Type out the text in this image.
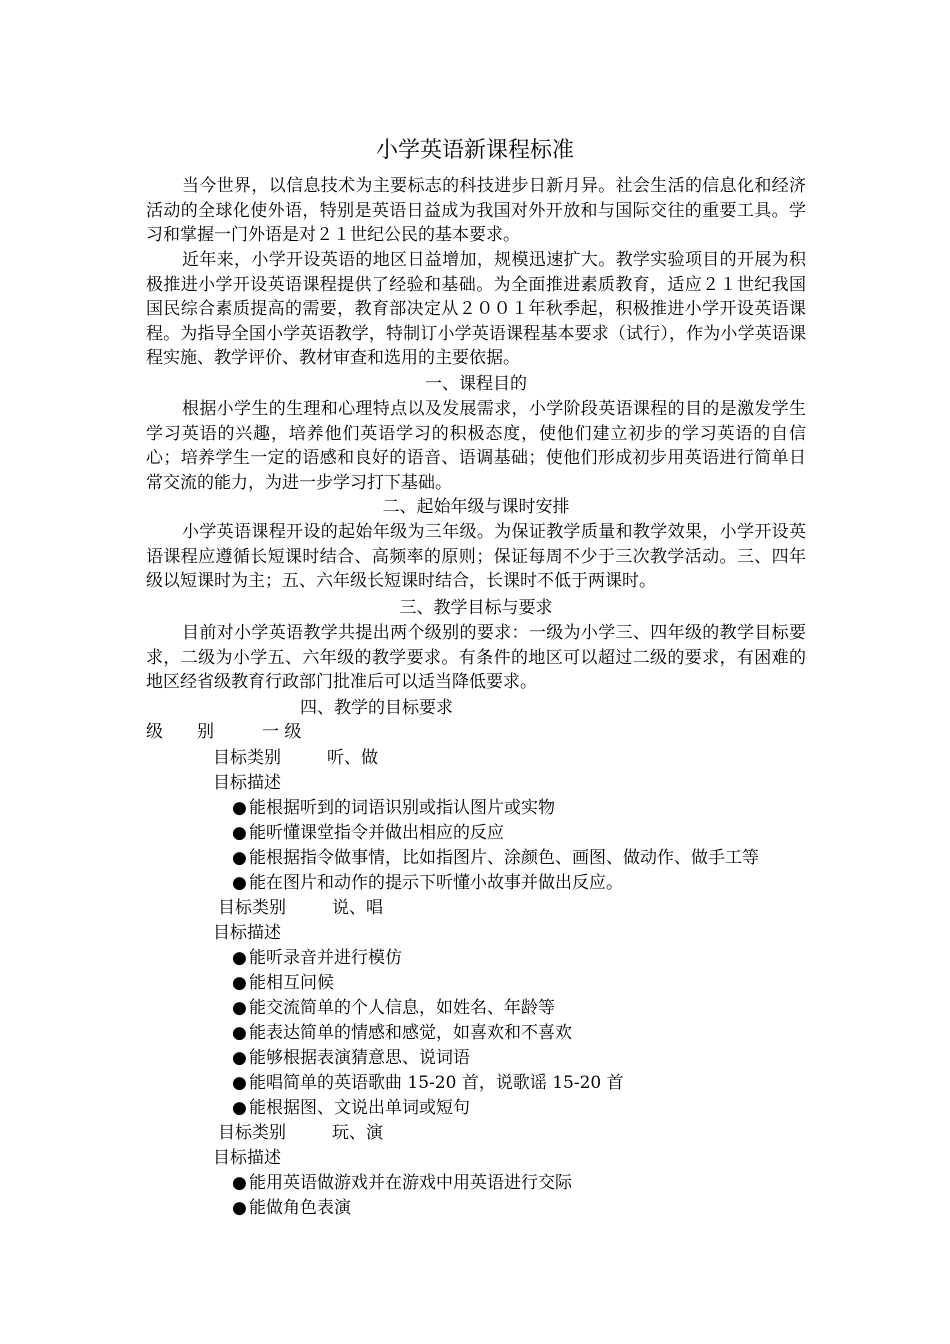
小学英语新课程标准

当今世界，以信息技术为主要标志的科技进步日新月异。社会生活的信息化和经济活动的全球化使外语，特别是英语日益成为我国对外开放和与国际交往的重要工具。学习和掌握一门外语是对２１世纪公民的基本要求。

近年来，小学开设英语的地区日益增加，规模迅速扩大。教学实验项目的开展为积极推进小学开设英语课程提供了经验和基础。为全面推进素质教育，适应２１世纪我国国民综合素质提高的需要，教育部决定从２００１年秋季起，积极推进小学开设英语课程。为指导全国小学英语教学，特制订小学英语课程基本要求（试行），作为小学英语课程实施、教学评价、教材审查和选用的主要依据。

一、课程目的

根据小学生的生理和心理特点以及发展需求，小学阶段英语课程的目的是激发学生学习英语的兴趣，培养他们英语学习的积极态度，使他们建立初步的学习英语的自信心；培养学生一定的语感和良好的语音、语调基础；使他们形成初步用英语进行简单日常交流的能力，为进一步学习打下基础。

二、起始年级与课时安排

小学英语课程开设的起始年级为三年级。为保证教学质量和教学效果，小学开设英语课程应遵循长短课时结合、高频率的原则；保证每周不少于三次教学活动。三、四年级以短课时为主；五、六年级长短课时结合，长课时不低于两课时。

三、教学目标与要求

目前对小学英语教学共提出两个级别的要求：一级为小学三、四年级的教学目标要求，二级为小学五、六年级的教学要求。有条件的地区可以超过二级的要求，有困难的地区经省级教育行政部门批准后可以适当降低要求。

四、教学的目标要求
级　　别	一 级
目标类别	听、做
目标描述
● 能根据听到的词语识别或指认图片或实物
● 能听懂课堂指令并做出相应的反应
● 能根据指令做事情，比如指图片、涂颜色、画图、做动作、做手工等
● 能在图片和动作的提示下听懂小故事并做出反应。
目标类别	说、唱
目标描述
● 能听录音并进行模仿
● 能相互问候
● 能交流简单的个人信息，如姓名、年龄等
● 能表达简单的情感和感觉，如喜欢和不喜欢
● 能够根据表演猜意思、说词语
● 能唱简单的英语歌曲 15-20 首，说歌谣 15-20 首
● 能根据图、文说出单词或短句
目标类别	玩、演
目标描述
● 能用英语做游戏并在游戏中用英语进行交际
● 能做角色表演
